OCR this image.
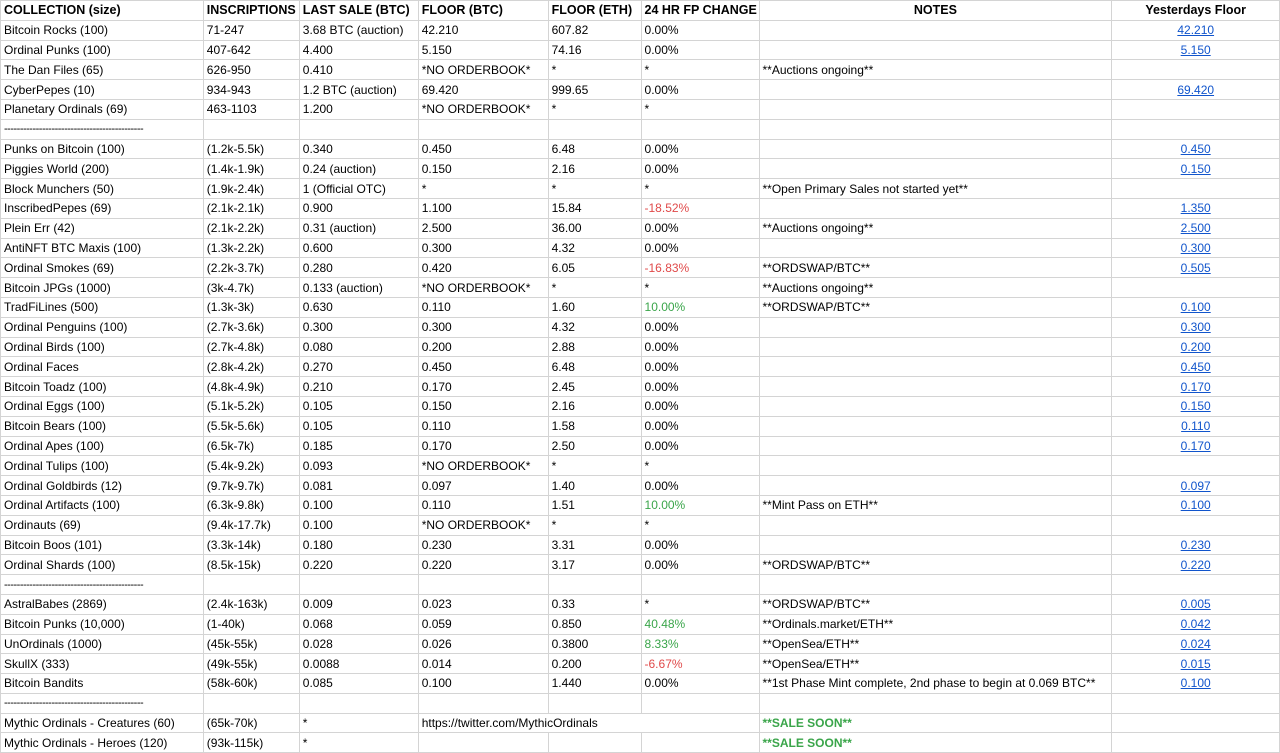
COLLECTION (size)	INSCRIPTIONS	LAST SALE (BTC)	FLOOR (BTC)	FLOOR (ETH)	24 HR FP CHANGE	NOTES	Yesterdays Floor
Bitcoin Rocks (100)	71-247	3.68 BTC (auction)	42.210	607.82	0.00%		42.210
Ordinal Punks (100)	407-642	4.400	5.150	74.16	0.00%		5.150
The Dan Files (65)	626-950	0.410	*NO ORDERBOOK*	*	*	**Auctions ongoing**	
CyberPepes (10)	934-943	1.2 BTC (auction)	69.420	999.65	0.00%		69.420
Planetary Ordinals (69)	463-1103	1.200	*NO ORDERBOOK*	*	*		
--------------------------------------------							
Punks on Bitcoin (100)	(1.2k-5.5k)	0.340	0.450	6.48	0.00%		0.450
Piggies World (200)	(1.4k-1.9k)	0.24 (auction)	0.150	2.16	0.00%		0.150
Block Munchers (50)	(1.9k-2.4k)	1 (Official OTC)	*	*	*	**Open Primary Sales not started yet**	
InscribedPepes (69)	(2.1k-2.1k)	0.900	1.100	15.84	-18.52%		1.350
Plein Err (42)	(2.1k-2.2k)	0.31 (auction)	2.500	36.00	0.00%	**Auctions ongoing**	2.500
AntiNFT BTC Maxis (100)	(1.3k-2.2k)	0.600	0.300	4.32	0.00%		0.300
Ordinal Smokes (69)	(2.2k-3.7k)	0.280	0.420	6.05	-16.83%	**ORDSWAP/BTC**	0.505
Bitcoin JPGs (1000)	(3k-4.7k)	0.133 (auction)	*NO ORDERBOOK*	*	*	**Auctions ongoing**	
TradFiLines (500)	(1.3k-3k)	0.630	0.110	1.60	10.00%	**ORDSWAP/BTC**	0.100
Ordinal Penguins (100)	(2.7k-3.6k)	0.300	0.300	4.32	0.00%		0.300
Ordinal Birds (100)	(2.7k-4.8k)	0.080	0.200	2.88	0.00%		0.200
Ordinal Faces	(2.8k-4.2k)	0.270	0.450	6.48	0.00%		0.450
Bitcoin Toadz (100)	(4.8k-4.9k)	0.210	0.170	2.45	0.00%		0.170
Ordinal Eggs (100)	(5.1k-5.2k)	0.105	0.150	2.16	0.00%		0.150
Bitcoin Bears (100)	(5.5k-5.6k)	0.105	0.110	1.58	0.00%		0.110
Ordinal Apes (100)	(6.5k-7k)	0.185	0.170	2.50	0.00%		0.170
Ordinal Tulips (100)	(5.4k-9.2k)	0.093	*NO ORDERBOOK*	*	*		
Ordinal Goldbirds (12)	(9.7k-9.7k)	0.081	0.097	1.40	0.00%		0.097
Ordinal Artifacts (100)	(6.3k-9.8k)	0.100	0.110	1.51	10.00%	**Mint Pass on ETH**	0.100
Ordinauts (69)	(9.4k-17.7k)	0.100	*NO ORDERBOOK*	*	*		
Bitcoin Boos (101)	(3.3k-14k)	0.180	0.230	3.31	0.00%		0.230
Ordinal Shards (100)	(8.5k-15k)	0.220	0.220	3.17	0.00%	**ORDSWAP/BTC**	0.220
--------------------------------------------							
AstralBabes (2869)	(2.4k-163k)	0.009	0.023	0.33	*	**ORDSWAP/BTC**	0.005
Bitcoin Punks (10,000)	(1-40k)	0.068	0.059	0.850	40.48%	**Ordinals.market/ETH**	0.042
UnOrdinals (1000)	(45k-55k)	0.028	0.026	0.3800	8.33%	**OpenSea/ETH**	0.024
SkullX (333)	(49k-55k)	0.0088	0.014	0.200	-6.67%	**OpenSea/ETH**	0.015
Bitcoin Bandits	(58k-60k)	0.085	0.100	1.440	0.00%	**1st Phase Mint complete, 2nd phase to begin at 0.069 BTC**	0.100
--------------------------------------------							
Mythic Ordinals - Creatures (60)	(65k-70k)	*	https://twitter.com/MythicOrdinals			**SALE SOON**	
Mythic Ordinals - Heroes (120)	(93k-115k)	*				**SALE SOON**	
